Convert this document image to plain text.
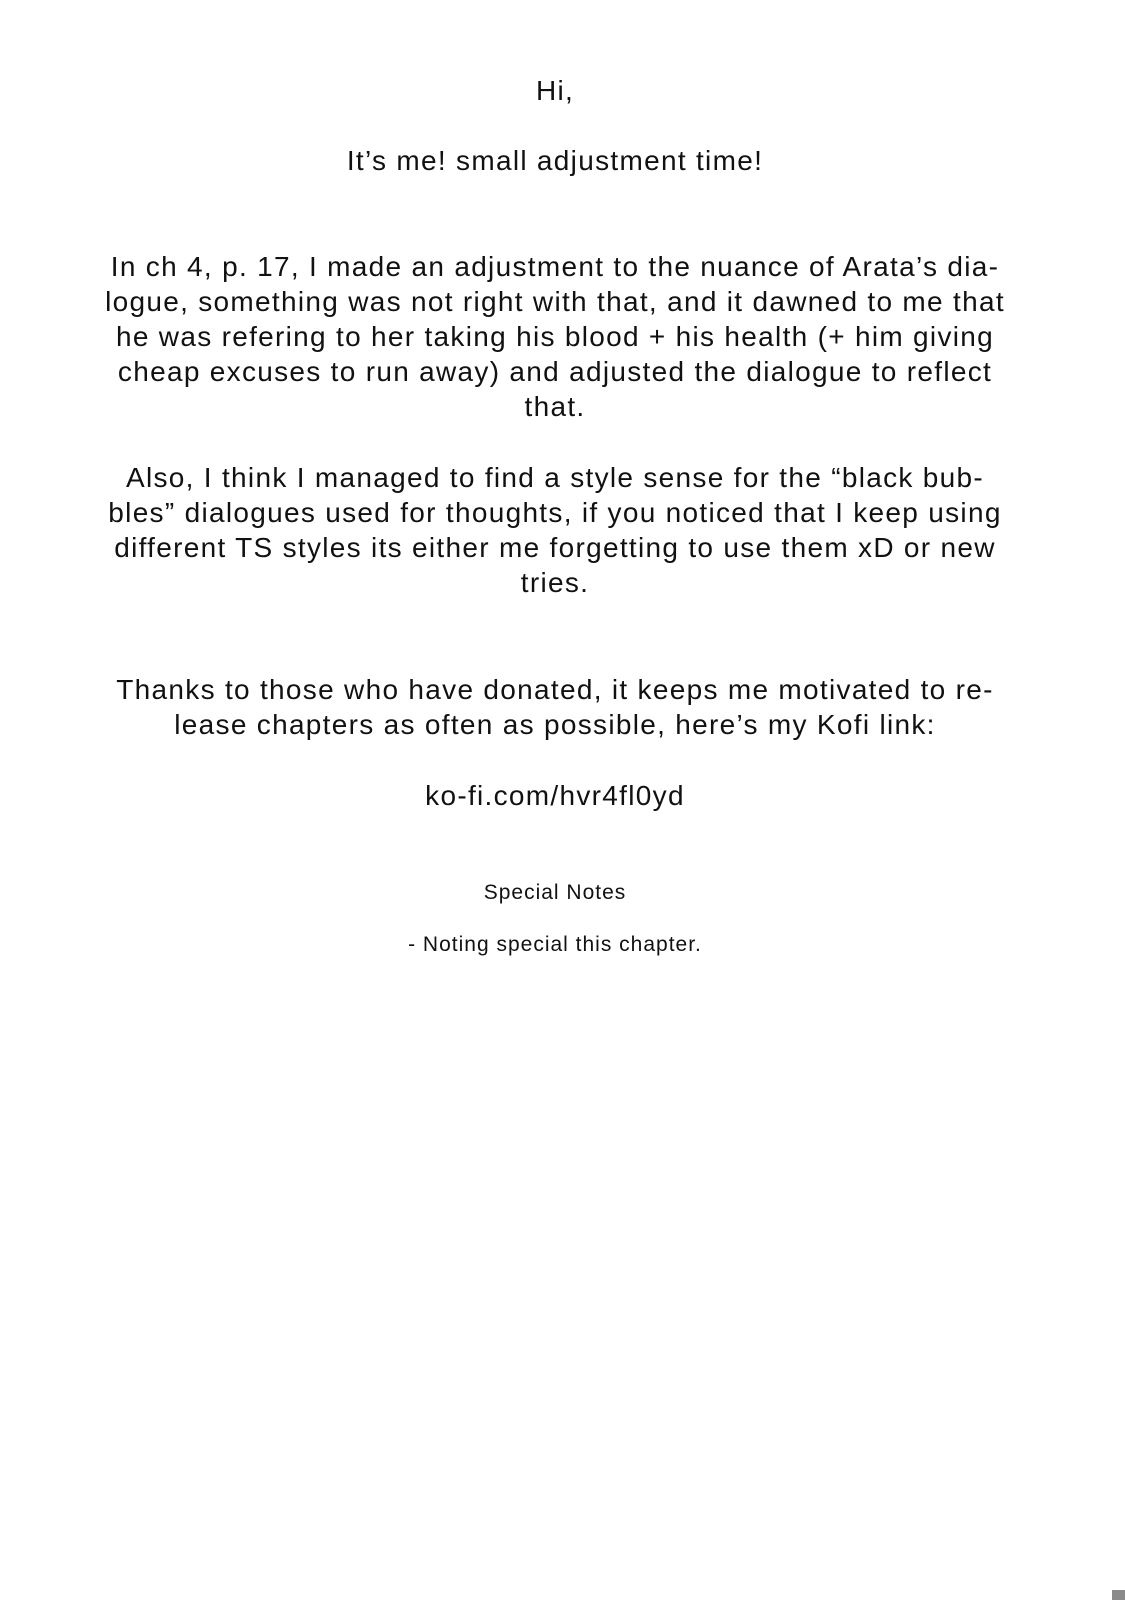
Hi,
It’s me! small adjustment time!
In ch 4, p. 17, I made an adjustment to the nuance of Arata’s dia-
logue, something was not right with that, and it dawned to me that
he was refering to her taking his blood + his health (+ him giving
cheap excuses to run away) and adjusted the dialogue to reflect
that.
Also, I think I managed to find a style sense for the “black bub-
bles” dialogues used for thoughts, if you noticed that I keep using
different TS styles its either me forgetting to use them xD or new
tries.
Thanks to those who have donated, it keeps me motivated to re-
lease chapters as often as possible, here’s my Kofi link:
ko-fi.com/hvr4fl0yd
Special Notes
- Noting special this chapter.
